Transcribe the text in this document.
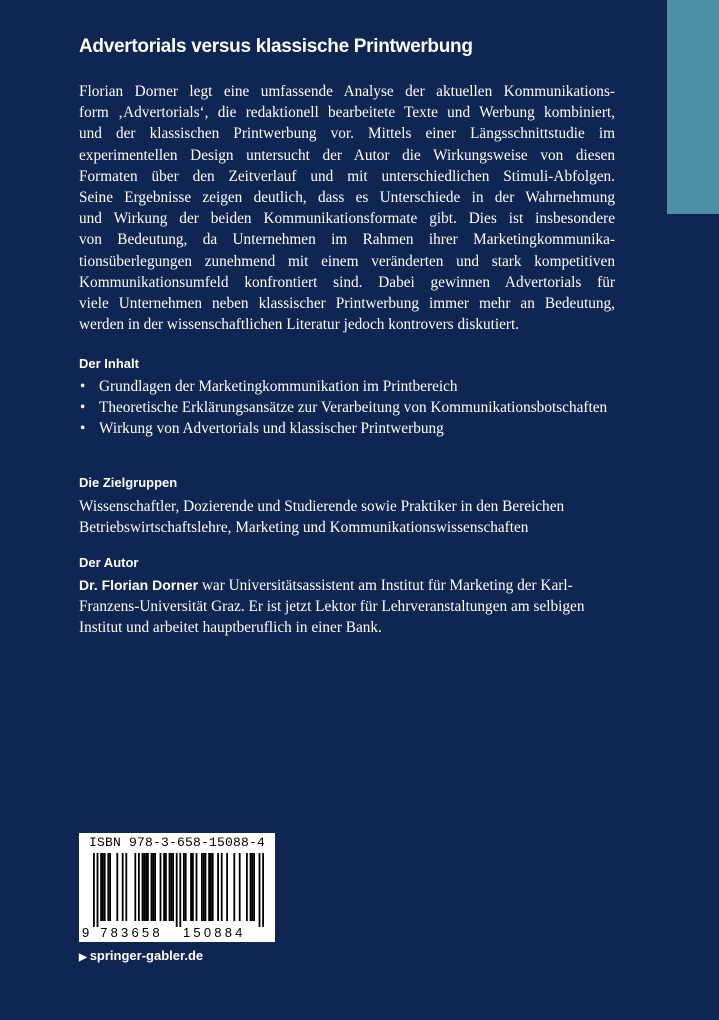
Advertorials versus klassische Printwerbung
Florian Dorner legt eine umfassende Analyse der aktuellen Kommunikations-
form ‚Advertorials‘, die redaktionell bearbeitete Texte und Werbung kombiniert,
und der klassischen Printwerbung vor. Mittels einer Längsschnittstudie im
experimentellen Design untersucht der Autor die Wirkungsweise von diesen
Formaten über den Zeitverlauf und mit unterschiedlichen Stimuli-Abfolgen.
Seine Ergebnisse zeigen deutlich, dass es Unterschiede in der Wahrnehmung
und Wirkung der beiden Kommunikationsformate gibt. Dies ist insbesondere
von Bedeutung, da Unternehmen im Rahmen ihrer Marketingkommunika-
tionsüberlegungen zunehmend mit einem veränderten und stark kompetitiven
Kommunikationsumfeld konfrontiert sind. Dabei gewinnen Advertorials für
viele Unternehmen neben klassischer Printwerbung immer mehr an Bedeutung,
werden in der wissenschaftlichen Literatur jedoch kontrovers diskutiert.
Der Inhalt
• Grundlagen der Marketingkommunikation im Printbereich
• Theoretische Erklärungsansätze zur Verarbeitung von Kommunikationsbotschaften
• Wirkung von Advertorials und klassischer Printwerbung
Die Zielgruppen
Wissenschaftler, Dozierende und Studierende sowie Praktiker in den Bereichen
Betriebswirtschaftslehre, Marketing und Kommunikationswissenschaften
Der Autor
Dr. Florian Dorner war Universitätsassistent am Institut für Marketing der Karl-
Franzens-Universität Graz. Er ist jetzt Lektor für Lehrveranstaltungen am selbigen
Institut und arbeitet hauptberuflich in einer Bank.
ISBN 978-3-658-15088-4
9 783658 150884
▶ springer-gabler.de
